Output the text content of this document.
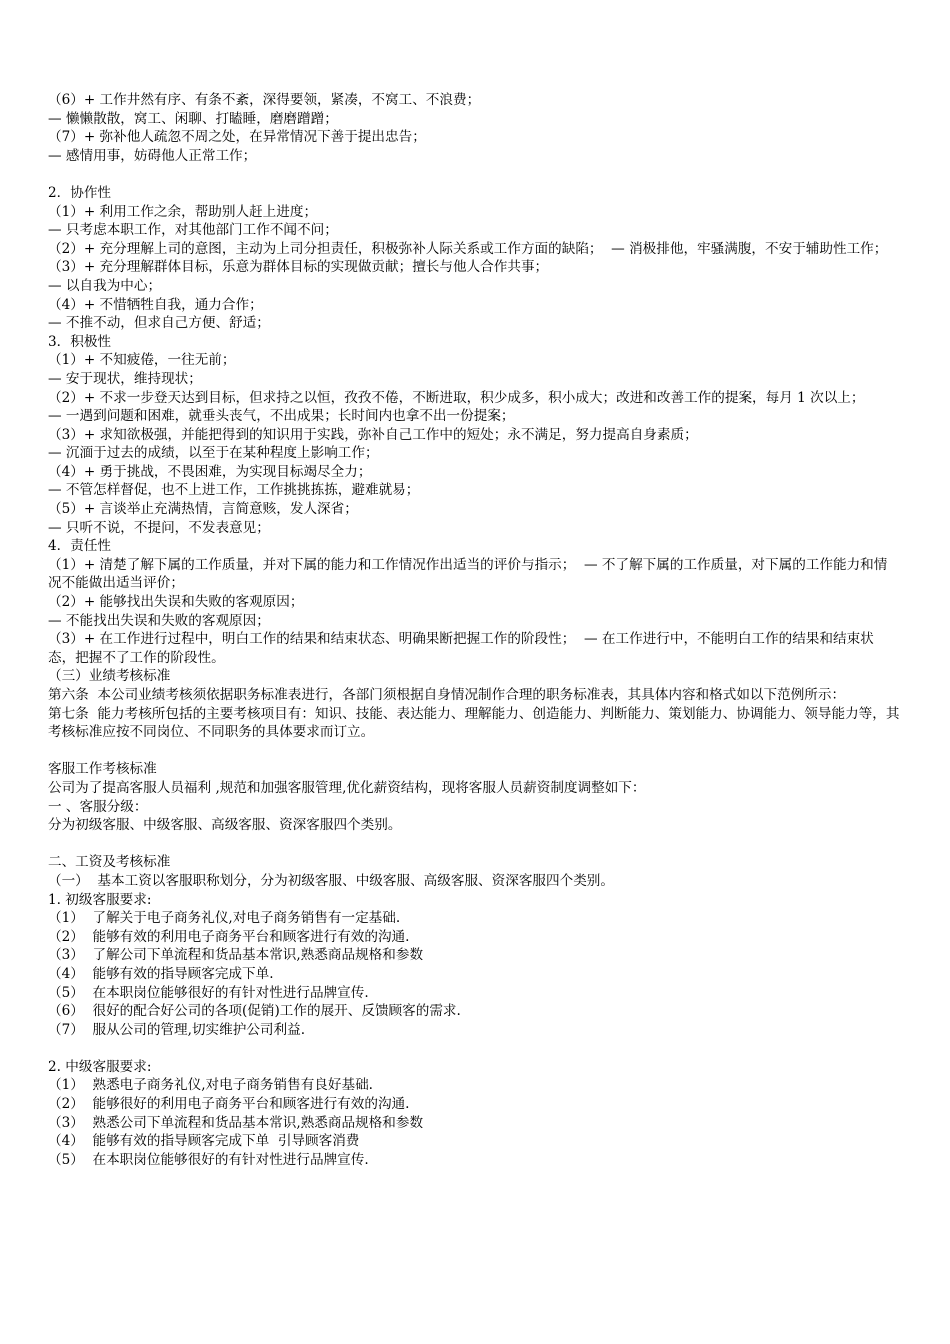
（6）+ 工作井然有序、有条不紊，深得要领，紧凑，不窝工、不浪费；
— 懒懒散散，窝工、闲聊、打瞌睡，磨磨蹭蹭；
（7）+ 弥补他人疏忽不周之处，在异常情况下善于提出忠告；
— 感情用事，妨碍他人正常工作；
2．协作性
（1）+ 利用工作之余，帮助别人赶上进度；
— 只考虑本职工作，对其他部门工作不闻不问；
（2）+ 充分理解上司的意图，主动为上司分担责任，积极弥补人际关系或工作方面的缺陷；  — 消极排他，牢骚满腹，不安于辅助性工作；
（3）+ 充分理解群体目标，乐意为群体目标的实现做贡献；擅长与他人合作共事；
— 以自我为中心；
（4）+ 不惜牺牲自我，通力合作；
— 不推不动，但求自己方便、舒适；
3．积极性
（1）+ 不知疲倦，一往无前；
— 安于现状，维持现状；
（2）+ 不求一步登天达到目标，但求持之以恒，孜孜不倦，不断进取，积少成多，积小成大；改进和改善工作的提案，每月 1 次以上；
— 一遇到问题和困难，就垂头丧气，不出成果；长时间内也拿不出一份提案；
（3）+ 求知欲极强，并能把得到的知识用于实践，弥补自己工作中的短处；永不满足，努力提高自身素质；
— 沉湎于过去的成绩，以至于在某种程度上影响工作；
（4）+ 勇于挑战，不畏困难，为实现目标竭尽全力；
— 不管怎样督促，也不上进工作，工作挑挑拣拣，避难就易；
（5）+ 言谈举止充满热情，言简意赅，发人深省；
— 只听不说，不提问，不发表意见；
4．责任性
（1）+ 清楚了解下属的工作质量，并对下属的能力和工作情况作出适当的评价与指示；  — 不了解下属的工作质量，对下属的工作能力和情况不能做出适当评价；
（2）+ 能够找出失误和失败的客观原因；
— 不能找出失误和失败的客观原因；
（3）+ 在工作进行过程中，明白工作的结果和结束状态、明确果断把握工作的阶段性；  — 在工作进行中，不能明白工作的结果和结束状态，把握不了工作的阶段性。
（三）业绩考核标准
第六条  本公司业绩考核须依据职务标准表进行，各部门须根据自身情况制作合理的职务标准表，其具体内容和格式如以下范例所示：
第七条  能力考核所包括的主要考核项目有：知识、技能、表达能力、理解能力、创造能力、判断能力、策划能力、协调能力、领导能力等，其考核标准应按不同岗位、不同职务的具体要求而订立。
客服工作考核标准
公司为了提高客服人员福利 ,规范和加强客服管理,优化薪资结构，现将客服人员薪资制度调整如下：
一 、客服分级：
分为初级客服、中级客服、高级客服、资深客服四个类别。
二、工资及考核标准
（一）  基本工资以客服职称划分，分为初级客服、中级客服、高级客服、资深客服四个类别。
1. 初级客服要求:
（1）  了解关于电子商务礼仪,对电子商务销售有一定基础.
（2）  能够有效的利用电子商务平台和顾客进行有效的沟通.
（3）  了解公司下单流程和货品基本常识,熟悉商品规格和参数
（4）  能够有效的指导顾客完成下单.
（5）  在本职岗位能够很好的有针对性进行品牌宣传.
（6）  很好的配合好公司的各项(促销)工作的展开、反馈顾客的需求.
（7）  服从公司的管理,切实维护公司利益.
2. 中级客服要求:
（1）  熟悉电子商务礼仪,对电子商务销售有良好基础.
（2）  能够很好的利用电子商务平台和顾客进行有效的沟通.
（3）  熟悉公司下单流程和货品基本常识,熟悉商品规格和参数
（4）  能够有效的指导顾客完成下单  引导顾客消费
（5）  在本职岗位能够很好的有针对性进行品牌宣传.
